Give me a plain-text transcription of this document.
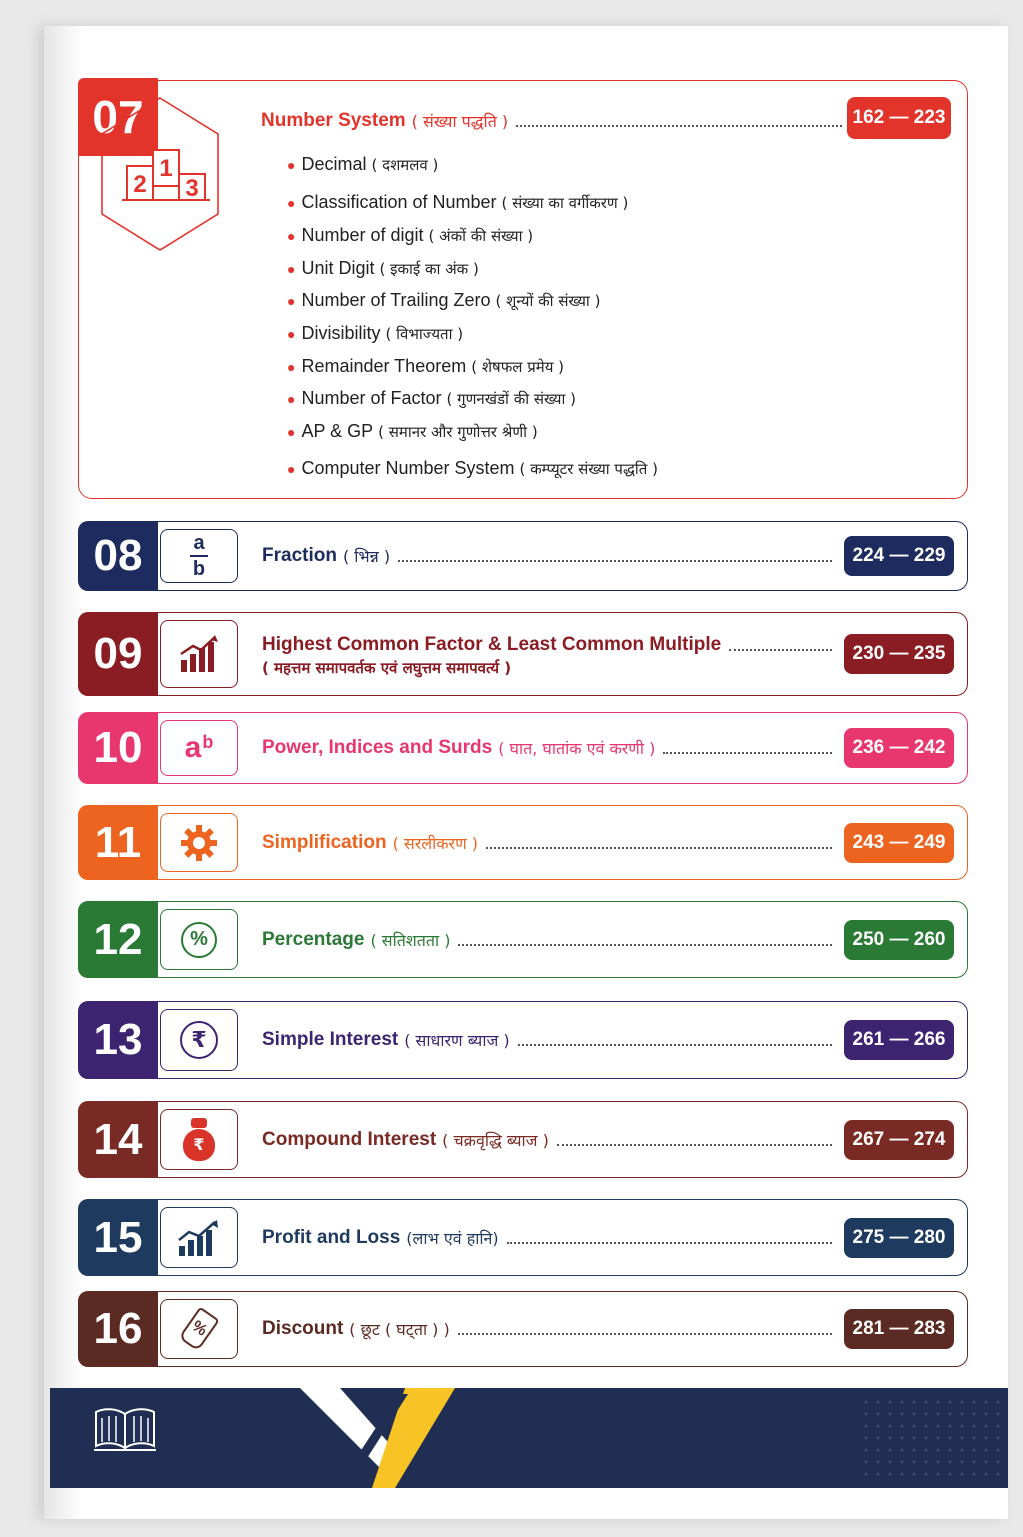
07
1
2 3
Number System ( संख्या पद्धति )	162 — 223
● Decimal ( दशमलव )
● Classification of Number ( संख्या का वर्गीकरण )
● Number of digit ( अंकों की संख्या )
● Unit Digit ( इकाई का अंक )
● Number of Trailing Zero ( शून्यों की संख्या )
● Divisibility ( विभाज्यता )
● Remainder Theorem ( शेषफल प्रमेय )
● Number of Factor ( गुणनखंडों की संख्या )
● AP & GP ( समानर और गुणोत्तर श्रेणी )
● Computer Number System ( कम्प्यूटर संख्या पद्धति )
08	a
b
Fraction ( भिन्न )	224 — 229
09	Highest Common Factor & Least Common Multiple
( महत्तम समापवर्तक एवं लघुत्तम समापवर्त्य )
230 — 235
10	$a^b$	Power, Indices and Surds ( घात, घातांक एवं करणी )	236 — 242
11	Simplification ( सरलीकरण )	243 — 249
12	%	Percentage ( सतिशतता )	250 — 260
13	₹	Simple Interest ( साधारण ब्याज )	261 — 266
14	₹	Compound Interest ( चक्रवृद्धि ब्याज )	267 — 274
15	Profit and Loss (लाभ एवं हानि)	275 — 280
16	%	Discount ( छूट ( घट्ता ) )	281 — 283
